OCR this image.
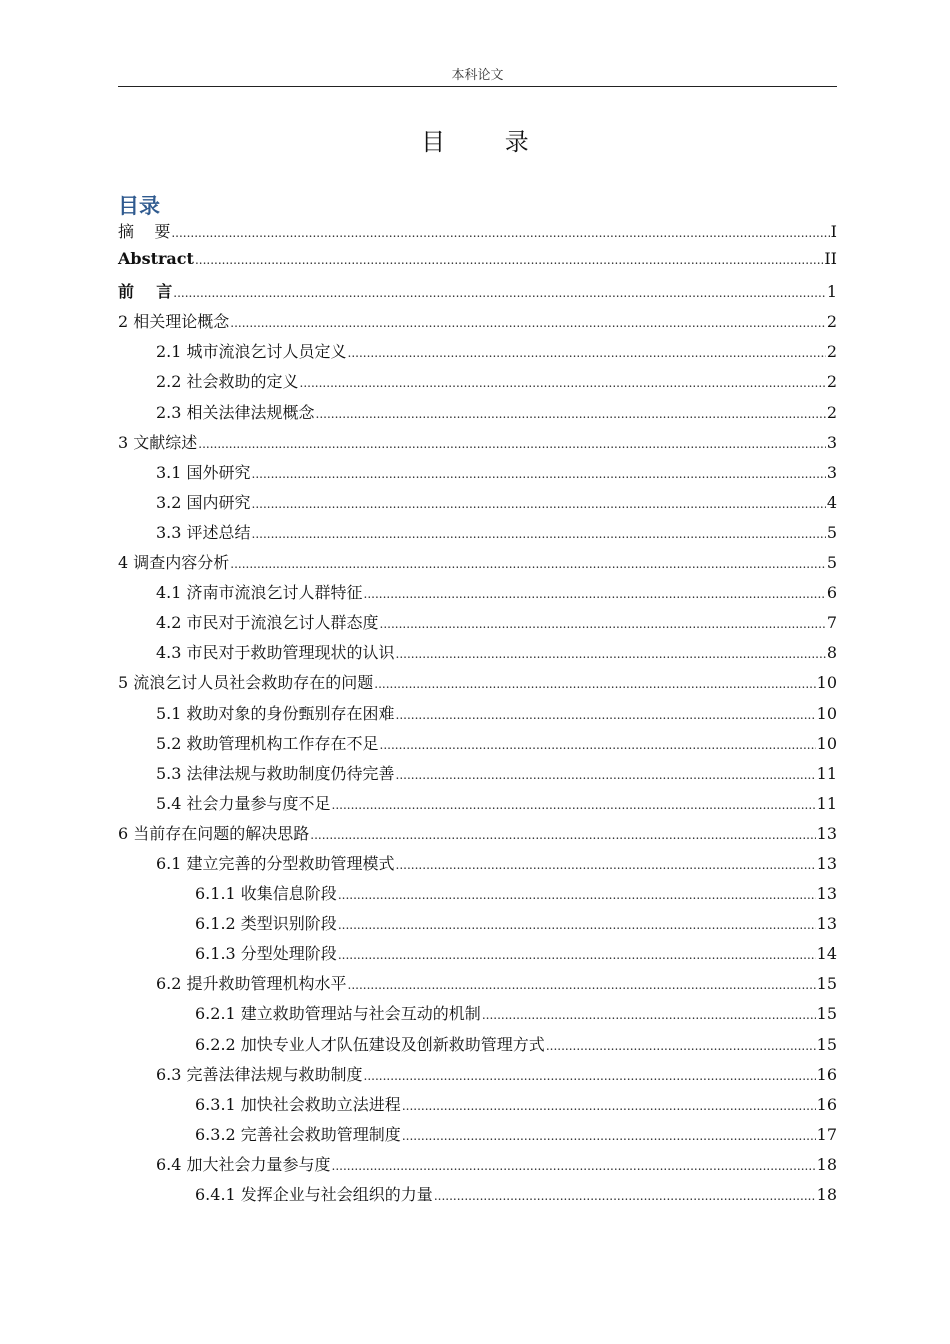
本科论文
目 录
目录
摘    要 .....	I
Abstract .....	II
前    言 .....	1
2 相关理论概念 .....	2
2.1 城市流浪乞讨人员定义 .....	2
2.2 社会救助的定义 .....	2
2.3 相关法律法规概念 .....	2
3 文献综述 .....	3
3.1 国外研究 .....	3
3.2 国内研究 .....	4
3.3 评述总结 .....	5
4 调查内容分析 .....	5
4.1 济南市流浪乞讨人群特征 .....	6
4.2 市民对于流浪乞讨人群态度 .....	7
4.3 市民对于救助管理现状的认识 .....	8
5 流浪乞讨人员社会救助存在的问题 .....	10
5.1 救助对象的身份甄别存在困难 .....	10
5.2 救助管理机构工作存在不足 .....	10
5.3 法律法规与救助制度仍待完善 .....	11
5.4 社会力量参与度不足 .....	11
6 当前存在问题的解决思路 .....	13
6.1 建立完善的分型救助管理模式 .....	13
6.1.1 收集信息阶段 .....	13
6.1.2 类型识别阶段 .....	13
6.1.3 分型处理阶段 .....	14
6.2 提升救助管理机构水平 .....	15
6.2.1 建立救助管理站与社会互动的机制 .....	15
6.2.2 加快专业人才队伍建设及创新救助管理方式 .....	15
6.3 完善法律法规与救助制度 .....	16
6.3.1 加快社会救助立法进程 .....	16
6.3.2 完善社会救助管理制度 .....	17
6.4 加大社会力量参与度 .....	18
6.4.1 发挥企业与社会组织的力量 .....	18
